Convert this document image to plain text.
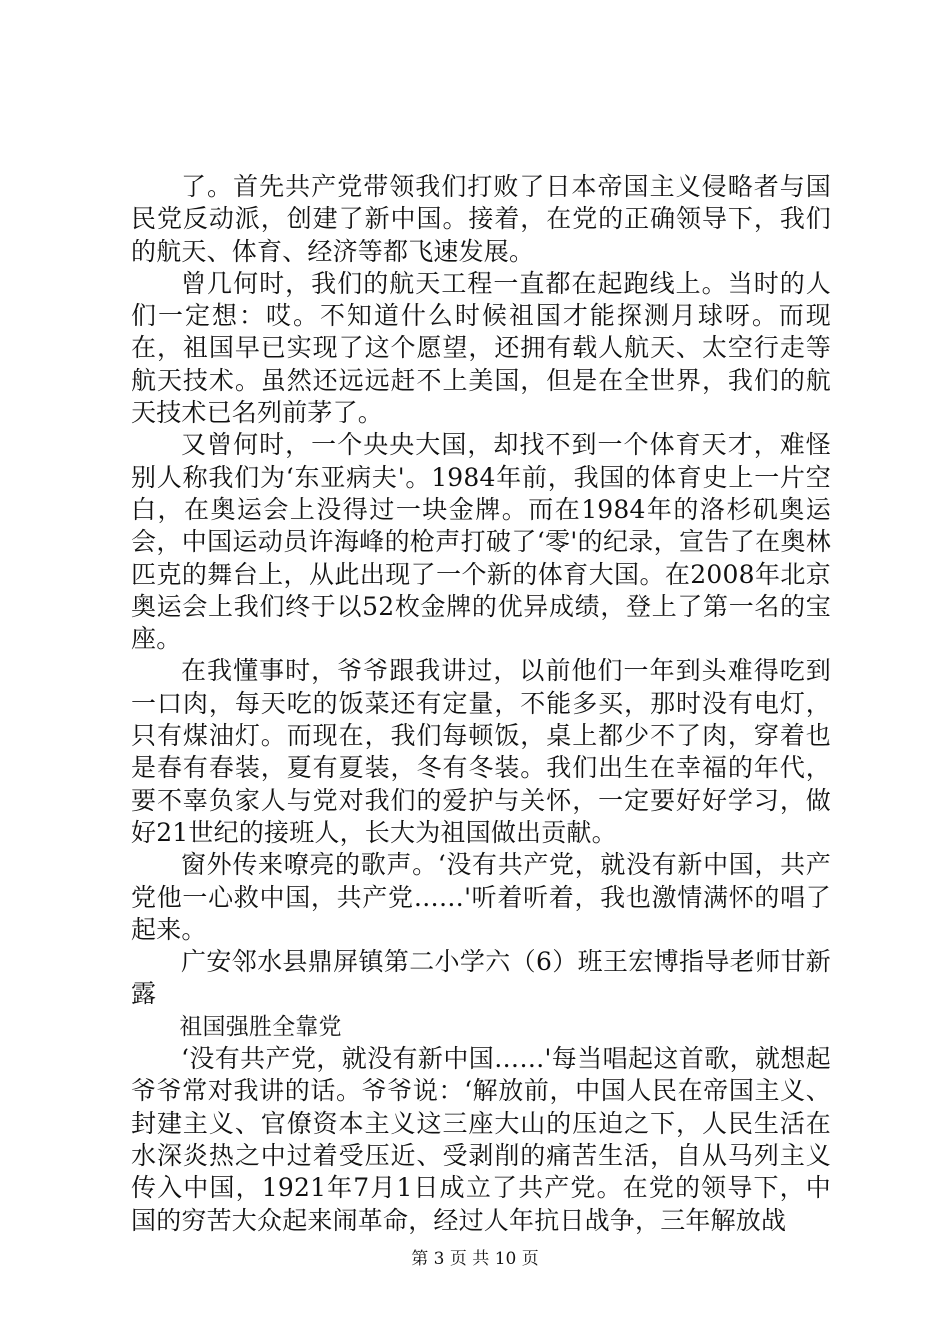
了。首先共产党带领我们打败了日本帝国主义侵略者与国民党反动派，创建了新中国。接着，在党的正确领导下，我们的航天、体育、经济等都飞速发展。

曾几何时，我们的航天工程一直都在起跑线上。当时的人们一定想：哎。不知道什么时候祖国才能探测月球呀。而现在，祖国早已实现了这个愿望，还拥有载人航天、太空行走等航天技术。虽然还远远赶不上美国，但是在全世界，我们的航天技术已名列前茅了。

又曾何时，一个央央大国，却找不到一个体育天才，难怪别人称我们为‘东亚病夫'。1984年前，我国的体育史上一片空白，在奥运会上没得过一块金牌。而在1984年的洛杉矶奥运会，中国运动员许海峰的枪声打破了‘零'的纪录，宣告了在奥林匹克的舞台上，从此出现了一个新的体育大国。在2008年北京奥运会上我们终于以52枚金牌的优异成绩，登上了第一名的宝座。

在我懂事时，爷爷跟我讲过，以前他们一年到头难得吃到一口肉，每天吃的饭菜还有定量，不能多买，那时没有电灯，只有煤油灯。而现在，我们每顿饭，桌上都少不了肉，穿着也是春有春装，夏有夏装，冬有冬装。我们出生在幸福的年代，要不辜负家人与党对我们的爱护与关怀，一定要好好学习，做好21世纪的接班人，长大为祖国做出贡献。

窗外传来嘹亮的歌声。‘没有共产党，就没有新中国，共产党他一心救中国，共产党……'听着听着，我也激情满怀的唱了起来。

广安邻水县鼎屏镇第二小学六（6）班王宏博指导老师甘新露

祖国强胜全靠党

‘没有共产党，就没有新中国……'每当唱起这首歌，就想起爷爷常对我讲的话。爷爷说：‘解放前，中国人民在帝国主义、封建主义、官僚资本主义这三座大山的压迫之下，人民生活在水深炎热之中过着受压近、受剥削的痛苦生活，自从马列主义传入中国，1921年7月1日成立了共产党。在党的领导下，中国的穷苦大众起来闹革命，经过人年抗日战争，三年解放战

第 3 页 共 10 页
